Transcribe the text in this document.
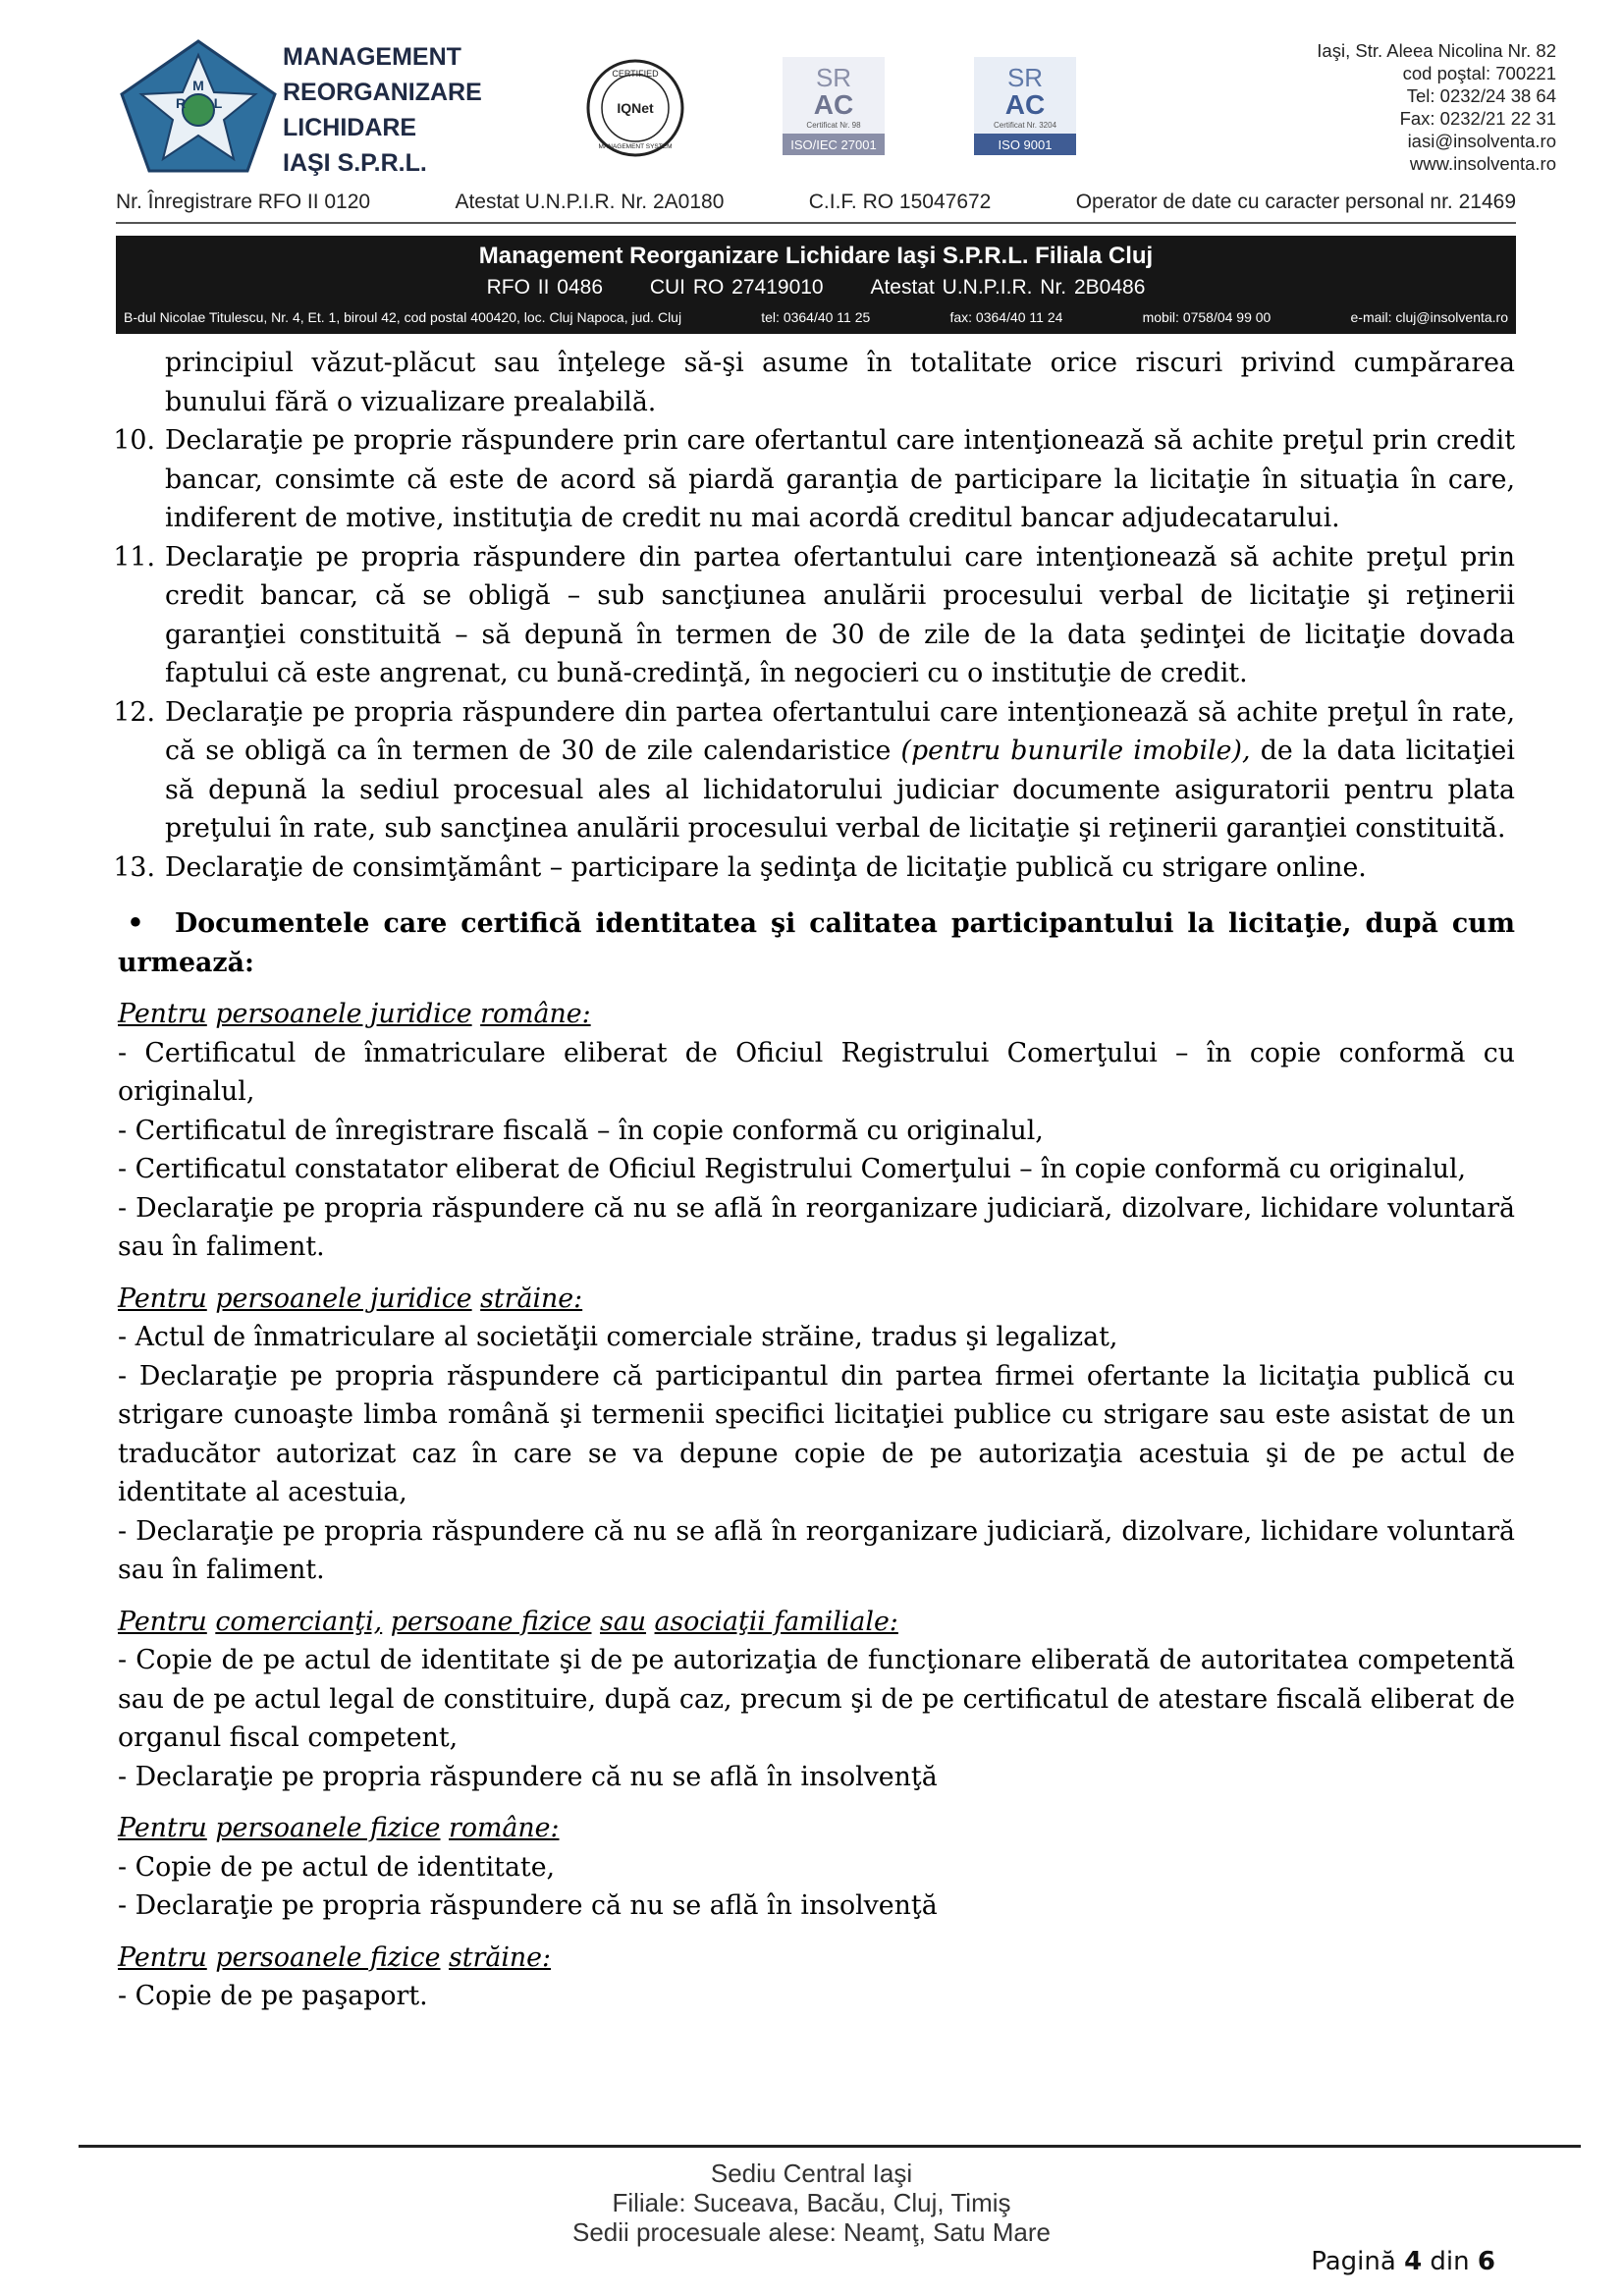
M
R L
MANAGEMENT
REORGANIZARE
LICHIDARE
IAŞI S.P.R.L.
CERTIFIED
IQNet
MANAGEMENT SYSTEM
SR
AC
Certificat Nr. 98
ISO/IEC 27001
SR
AC
Certificat Nr. 3204
ISO 9001
Iaşi, Str. Aleea Nicolina Nr. 82
cod poştal: 700221
Tel: 0232/24 38 64
Fax: 0232/21 22 31
iasi@insolventa.ro
www.insolventa.ro
Nr. Înregistrare RFO II 0120	Atestat U.N.P.I.R. Nr. 2A0180	C.I.F. RO 15047672	Operator de date cu caracter personal nr. 21469
Management Reorganizare Lichidare Iaşi S.P.R.L. Filiala Cluj
RFO II 0486 CUI RO 27419010 Atestat U.N.P.I.R. Nr. 2B0486
B-dul Nicolae Titulescu, Nr. 4, Et. 1, biroul 42, cod postal 400420, loc. Cluj Napoca, jud. Cluj	tel: 0364/40 11 25	fax: 0364/40 11 24	mobil: 0758/04 99 00	e-mail: cluj@insolventa.ro

principiul văzut-plăcut sau înţelege să-şi asume în totalitate orice riscuri privind cumpărarea bunului fără o vizualizare prealabilă.

10. Declaraţie pe proprie răspundere prin care ofertantul care intenţionează să achite preţul prin credit bancar, consimte că este de acord să piardă garanţia de participare la licitaţie în situaţia în care, indiferent de motive, instituţia de credit nu mai acordă creditul bancar adjudecatarului.

11. Declaraţie pe propria răspundere din partea ofertantului care intenţionează să achite preţul prin credit bancar, că se obligă – sub sancţiunea anulării procesului verbal de licitaţie şi reţinerii garanţiei constituită – să depună în termen de 30 de zile de la data şedinţei de licitaţie dovada faptului că este angrenat, cu bună-credinţă, în negocieri cu o instituţie de credit.

12. Declaraţie pe propria răspundere din partea ofertantului care intenţionează să achite preţul în rate, că se obligă ca în termen de 30 de zile calendaristice (pentru bunurile imobile), de la data licitaţiei să depună la sediul procesual ales al lichidatorului judiciar documente asiguratorii pentru plata preţului în rate, sub sancţinea anulării procesului verbal de licitaţie şi reţinerii garanţiei constituită.

13. Declaraţie de consimţământ – participare la şedinţa de licitaţie publică cu strigare online.

• Documentele care certifică identitatea şi calitatea participantului la licitaţie, după cum urmează:

Pentru persoanele juridice române:

- Certificatul de înmatriculare eliberat de Oficiul Registrului Comerţului – în copie conformă cu originalul,

- Certificatul de înregistrare fiscală – în copie conformă cu originalul,

- Certificatul constatator eliberat de Oficiul Registrului Comerţului – în copie conformă cu originalul,

- Declaraţie pe propria răspundere că nu se află în reorganizare judiciară, dizolvare, lichidare voluntară sau în faliment.

Pentru persoanele juridice străine:

- Actul de înmatriculare al societăţii comerciale străine, tradus şi legalizat,

- Declaraţie pe propria răspundere că participantul din partea firmei ofertante la licitaţia publică cu strigare cunoaşte limba română şi termenii specifici licitaţiei publice cu strigare sau este asistat de un traducător autorizat caz în care se va depune copie de pe autorizaţia acestuia şi de pe actul de identitate al acestuia,

- Declaraţie pe propria răspundere că nu se află în reorganizare judiciară, dizolvare, lichidare voluntară sau în faliment.

Pentru comercianţi, persoane fizice sau asociaţii familiale:

- Copie de pe actul de identitate şi de pe autorizaţia de funcţionare eliberată de autoritatea competentă sau de pe actul legal de constituire, după caz, precum şi de pe certificatul de atestare fiscală eliberat de organul fiscal competent,

- Declaraţie pe propria răspundere că nu se află în insolvenţă

Pentru persoanele fizice române:

- Copie de pe actul de identitate,

- Declaraţie pe propria răspundere că nu se află în insolvenţă

Pentru persoanele fizice străine:

- Copie de pe paşaport.

Sediu Central Iaşi
Filiale: Suceava, Bacău, Cluj, Timiş
Sedii procesuale alese: Neamţ, Satu Mare
Pagină 4 din 6
